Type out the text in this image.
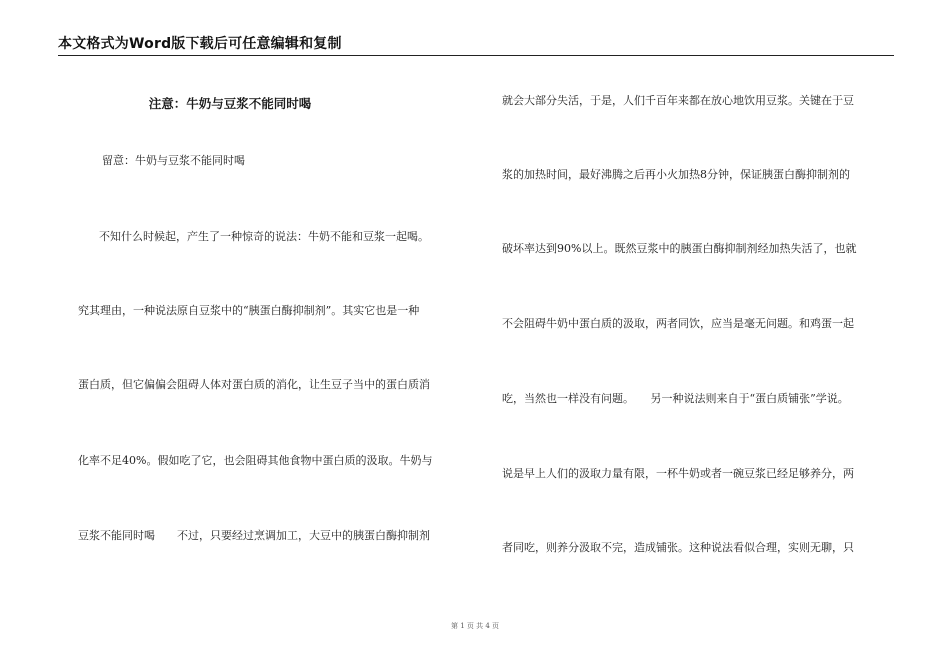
本文格式为Word版下载后可任意编辑和复制
注意：牛奶与豆浆不能同时喝
留意：牛奶与豆浆不能同时喝
不知什么时候起，产生了一种惊奇的说法：牛奶不能和豆浆一起喝。
究其理由，一种说法原自豆浆中的“胰蛋白酶抑制剂”。其实它也是一种
蛋白质，但它偏偏会阻碍人体对蛋白质的消化，让生豆子当中的蛋白质消
化率不足40%。假如吃了它，也会阻碍其他食物中蛋白质的汲取。牛奶与
豆浆不能同时喝　　不过，只要经过烹调加工，大豆中的胰蛋白酶抑制剂
就会大部分失活，于是，人们千百年来都在放心地饮用豆浆。关键在于豆
浆的加热时间，最好沸腾之后再小火加热8分钟，保证胰蛋白酶抑制剂的
破坏率达到90%以上。既然豆浆中的胰蛋白酶抑制剂经加热失活了，也就
不会阻碍牛奶中蛋白质的汲取，两者同饮，应当是毫无问题。和鸡蛋一起
吃，当然也一样没有问题。　　另一种说法则来自于“蛋白质铺张”学说。
说是早上人们的汲取力量有限，一杯牛奶或者一碗豆浆已经足够养分，两
者同吃，则养分汲取不完，造成铺张。这种说法看似合理，实则无聊，只
第 1 页 共 4 页
